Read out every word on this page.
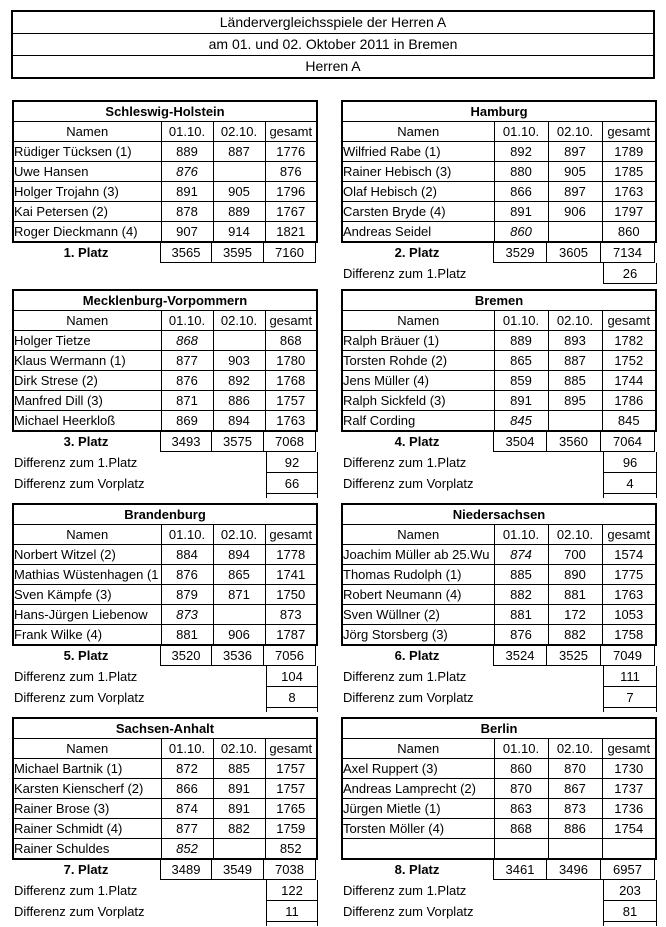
Ländervergleichsspiele der Herren A
am 01. und 02. Oktober 2011 in Bremen
Herren A
Schleswig-Holstein			
Namen	01.10.	02.10.	gesamt
Rüdiger Tücksen (1)	889	887	1776
Uwe Hansen	876		876
Holger Trojahn (3)	891	905	1796
Kai Petersen (2)	878	889	1767
Roger Dieckmann (4)	907	914	1821
1. Platz	3565	3595	7160
Hamburg			
Namen	01.10.	02.10.	gesamt
Wilfried Rabe (1)	892	897	1789
Rainer Hebisch (3)	880	905	1785
Olaf Hebisch (2)	866	897	1763
Carsten Bryde (4)	891	906	1797
Andreas Seidel	860		860
2. Platz	3529	3605	7134
Differenz zum 1.Platz	26
Mecklenburg-Vorpommern			
Namen	01.10.	02.10.	gesamt
Holger Tietze	868		868
Klaus Wermann (1)	877	903	1780
Dirk Strese (2)	876	892	1768
Manfred Dill (3)	871	886	1757
Michael Heerkloß	869	894	1763
3. Platz	3493	3575	7068
Differenz zum 1.Platz	92
Differenz zum Vorplatz	66
Bremen			
Namen	01.10.	02.10.	gesamt
Ralph Bräuer (1)	889	893	1782
Torsten Rohde (2)	865	887	1752
Jens Müller (4)	859	885	1744
Ralph Sickfeld (3)	891	895	1786
Ralf Cording	845		845
4. Platz	3504	3560	7064
Differenz zum 1.Platz	96
Differenz zum Vorplatz	4
Brandenburg			
Namen	01.10.	02.10.	gesamt
Norbert Witzel (2)	884	894	1778
Mathias Wüstenhagen (1	876	865	1741
Sven Kämpfe (3)	879	871	1750
Hans-Jürgen Liebenow	873		873
Frank Wilke (4)	881	906	1787
5. Platz	3520	3536	7056
Differenz zum 1.Platz	104
Differenz zum Vorplatz	8
Niedersachsen			
Namen	01.10.	02.10.	gesamt
Joachim Müller ab 25.Wu	874	700	1574
Thomas Rudolph (1)	885	890	1775
Robert Neumann (4)	882	881	1763
Sven Wüllner (2)	881	172	1053
Jörg Storsberg (3)	876	882	1758
6. Platz	3524	3525	7049
Differenz zum 1.Platz	111
Differenz zum Vorplatz	7
Sachsen-Anhalt			
Namen	01.10.	02.10.	gesamt
Michael Bartnik (1)	872	885	1757
Karsten Kienscherf (2)	866	891	1757
Rainer Brose (3)	874	891	1765
Rainer Schmidt (4)	877	882	1759
Rainer Schuldes	852		852
7. Platz	3489	3549	7038
Differenz zum 1.Platz	122
Differenz zum Vorplatz	11
Berlin			
Namen	01.10.	02.10.	gesamt
Axel Ruppert (3)	860	870	1730
Andreas Lamprecht (2)	870	867	1737
Jürgen Mietle (1)	863	873	1736
Torsten Möller (4)	868	886	1754

8. Platz	3461	3496	6957
Differenz zum 1.Platz	203
Differenz zum Vorplatz	81
